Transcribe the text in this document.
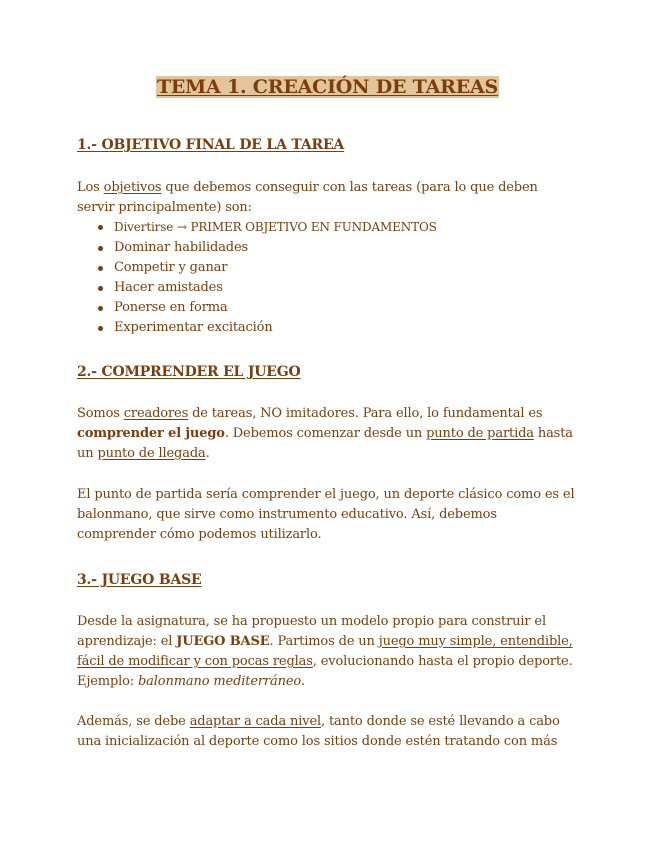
TEMA 1. CREACIÓN DE TAREAS
1.- OBJETIVO FINAL DE LA TAREA

Los objetivos que debemos conseguir con las tareas (para lo que deben servir principalmente) son:

Divertirse → PRIMER OBJETIVO EN FUNDAMENTOS
Dominar habilidades
Competir y ganar
Hacer amistades
Ponerse en forma
Experimentar excitación
2.- COMPRENDER EL JUEGO

Somos creadores de tareas, NO imitadores. Para ello, lo fundamental es comprender el juego. Debemos comenzar desde un punto de partida hasta un punto de llegada.

El punto de partida sería comprender el juego, un deporte clásico como es el balonmano, que sirve como instrumento educativo. Así, debemos comprender cómo podemos utilizarlo.

3.- JUEGO BASE

Desde la asignatura, se ha propuesto un modelo propio para construir el aprendizaje: el JUEGO BASE. Partimos de un juego muy simple, entendible, fácil de modificar y con pocas reglas, evolucionando hasta el propio deporte. Ejemplo: balonmano mediterráneo.

Además, se debe adaptar a cada nivel, tanto donde se esté llevando a cabo una inicialización al deporte como los sitios donde estén tratando con más
